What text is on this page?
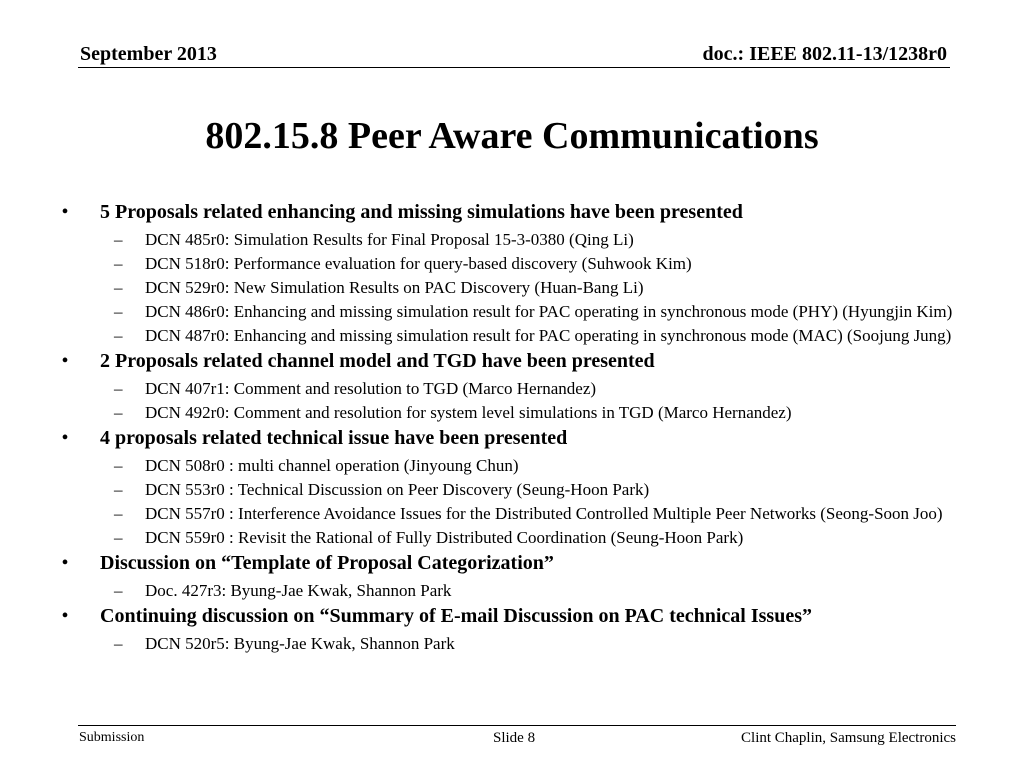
September 2013	doc.: IEEE 802.11-13/1238r0
802.15.8 Peer Aware Communications
• 5 Proposals related enhancing and missing simulations have been presented
– DCN 485r0: Simulation Results for Final Proposal 15-3-0380 (Qing Li)
– DCN 518r0: Performance evaluation for query-based discovery (Suhwook Kim)
– DCN 529r0: New Simulation Results on PAC Discovery (Huan-Bang Li)
– DCN 486r0: Enhancing and missing simulation result for PAC operating in synchronous mode (PHY) (Hyungjin Kim)
– DCN 487r0: Enhancing and missing simulation result for PAC operating in synchronous mode (MAC) (Soojung Jung)
• 2 Proposals related channel model and TGD have been presented
– DCN 407r1: Comment and resolution to TGD (Marco Hernandez)
– DCN 492r0: Comment and resolution for system level simulations in TGD (Marco Hernandez)
• 4 proposals related technical issue have been presented
– DCN 508r0 : multi channel operation (Jinyoung Chun)
– DCN 553r0 : Technical Discussion on Peer Discovery (Seung-Hoon Park)
– DCN 557r0 : Interference Avoidance Issues for the Distributed Controlled Multiple Peer Networks (Seong-Soon Joo)
– DCN 559r0 : Revisit the Rational of Fully Distributed Coordination (Seung-Hoon Park)
• Discussion on “Template of Proposal Categorization”
– Doc. 427r3: Byung-Jae Kwak, Shannon Park
• Continuing discussion on “Summary of E-mail Discussion on PAC technical Issues”
– DCN 520r5: Byung-Jae Kwak, Shannon Park
Submission	Slide 8	Clint Chaplin, Samsung Electronics
